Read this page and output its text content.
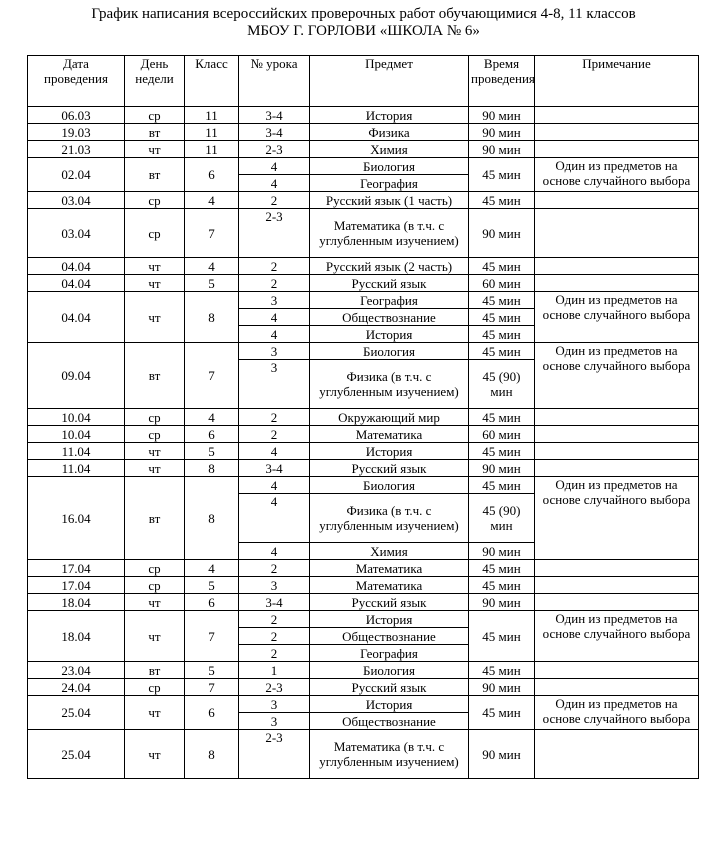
График написания всероссийских проверочных работ обучающимися 4-8, 11 классов
МБОУ Г. ГОРЛОВИ «ШКОЛА № 6»
Дата проведения	День недели	Класс	№ урока	Предмет	Время проведения	Примечание
06.03	ср	11	3-4	История	90 мин	
19.03	вт	11	3-4	Физика	90 мин	
21.03	чт	11	2-3	Химия	90 мин	
02.04	вт	6	4	Биология	45 мин	Один из предметов на основе случайного выбора
			4	География		
03.04	ср	4	2	Русский язык (1 часть)	45 мин	
03.04	ср	7	2-3	Математика (в т.ч. с углубленным изучением)	90 мин	
04.04	чт	4	2	Русский язык (2 часть)	45 мин	
04.04	чт	5	2	Русский язык	60 мин	
04.04	чт	8	3	География	45 мин	Один из предметов на основе случайного выбора
			4	Обществознание	45 мин	
			4	История	45 мин	
09.04	вт	7	3	Биология	45 мин	Один из предметов на основе случайного выбора
			3	Физика (в т.ч. с углубленным изучением)	45 (90) мин	
10.04	ср	4	2	Окружающий мир	45 мин	
10.04	ср	6	2	Математика	60 мин	
11.04	чт	5	4	История	45 мин	
11.04	чт	8	3-4	Русский язык	90 мин	
16.04	вт	8	4	Биология	45 мин	Один из предметов на основе случайного выбора
			4	Физика (в т.ч. с углубленным изучением)	45 (90) мин	
			4	Химия	90 мин	
17.04	ср	4	2	Математика	45 мин	
17.04	ср	5	3	Математика	45 мин	
18.04	чт	6	3-4	Русский язык	90 мин	
18.04	чт	7	2	История	45 мин	Один из предметов на основе случайного выбора
			2	Обществознание		
			2	География		
23.04	вт	5	1	Биология	45 мин	
24.04	ср	7	2-3	Русский язык	90 мин	
25.04	чт	6	3	История	45 мин	Один из предметов на основе случайного выбора
			3	Обществознание		
25.04	чт	8	2-3	Математика (в т.ч. с углубленным изучением)	90 мин	
